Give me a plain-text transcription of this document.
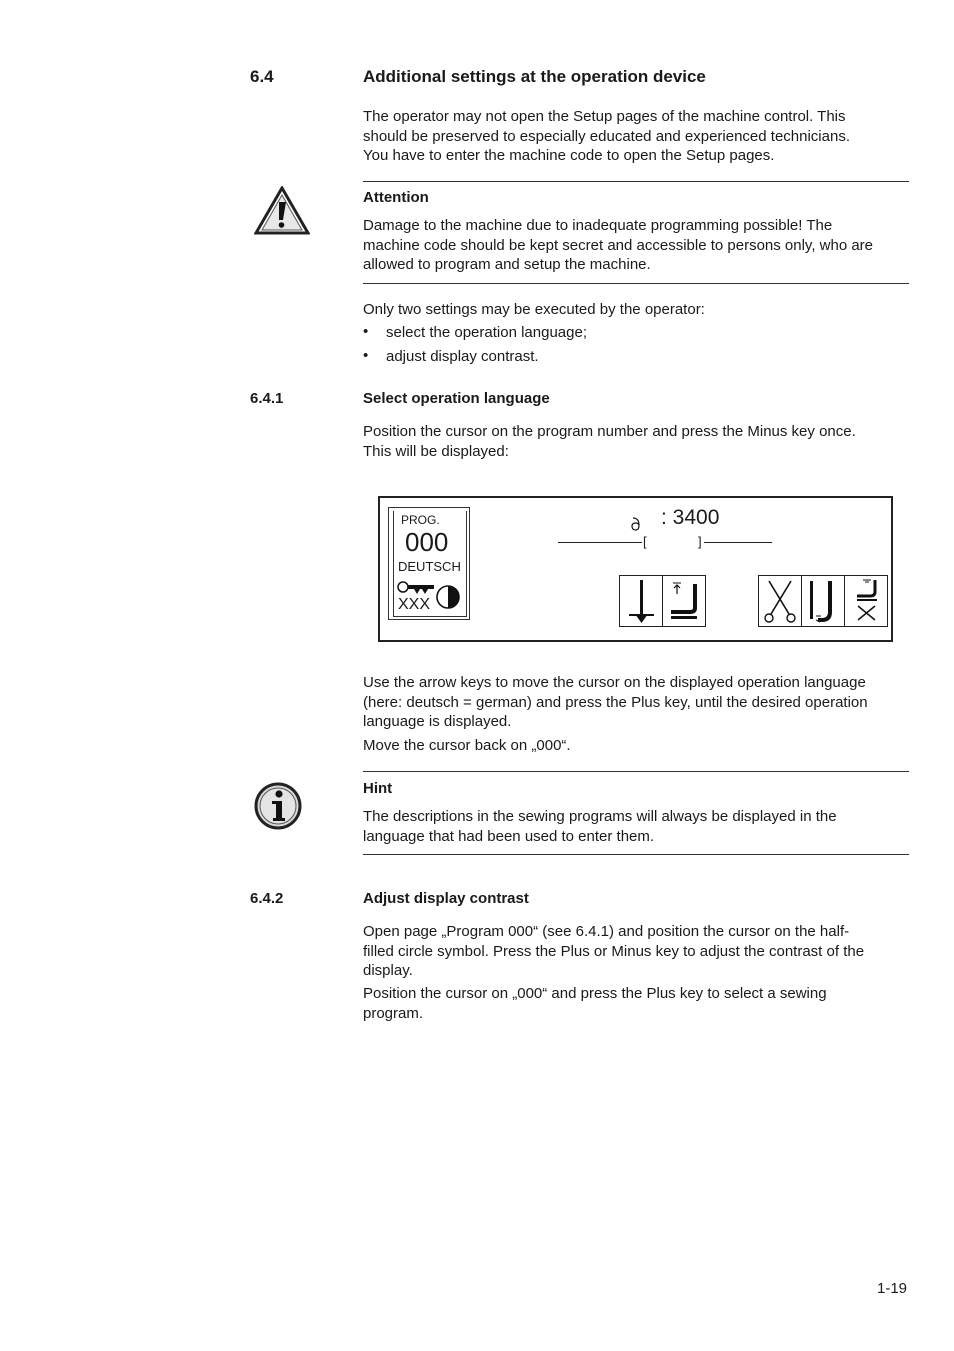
6.4	Additional settings at the operation device
The operator may not open the Setup pages of the machine control. This
should be preserved to especially educated and experienced technicians.
You have to enter the machine code to open the Setup pages.
Attention
Damage to the machine due to inadequate programming possible! The
machine code should be kept secret and accessible to persons only, who are
allowed to program and setup the machine.
Only two settings may be executed by the operator:
• select the operation language;
• adjust display contrast.
6.4.1	Select operation language
Position the cursor on the program number and press the Minus key once.
This will be displayed:
PROG.
000
DEUTSCH
XXX
: 3400
[	]
Use the arrow keys to move the cursor on the displayed operation language
(here: deutsch = german) and press the Plus key, until the desired operation
language is displayed.
Move the cursor back on „000“.
Hint
The descriptions in the sewing programs will always be displayed in the
language that had been used to enter them.
6.4.2	Adjust display contrast
Open page „Program 000“ (see 6.4.1) and position the cursor on the half-
filled circle symbol. Press the Plus or Minus key to adjust the contrast of the
display.
Position the cursor on „000“ and press the Plus key to select a sewing
program.
1-19
